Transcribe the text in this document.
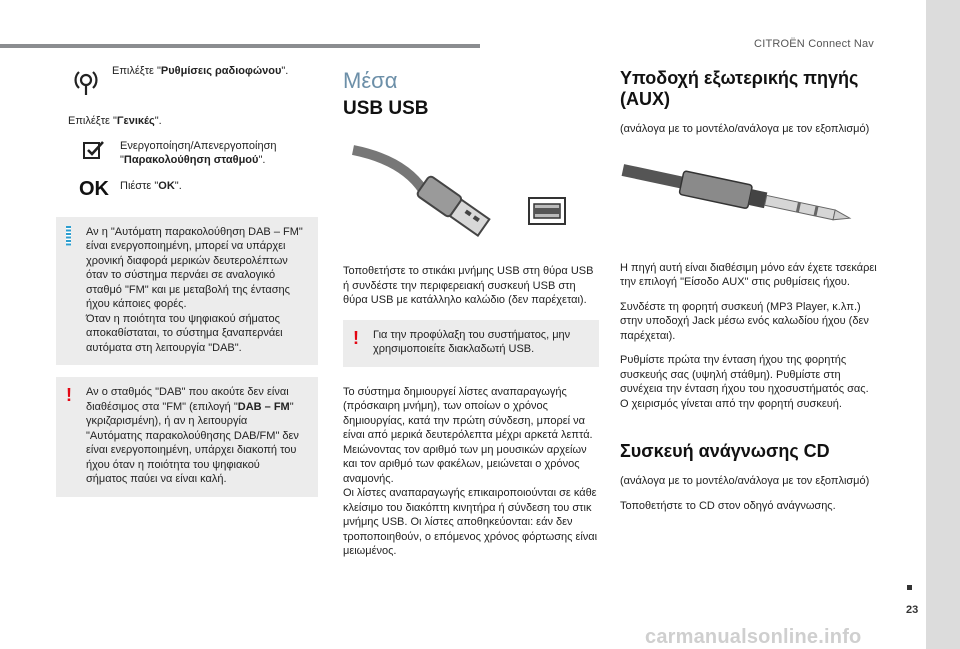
CITROËN Connect Nav
Επιλέξτε "Ρυθμίσεις ραδιοφώνου".

Επιλέξτε "Γενικές".

Ενεργοποίηση/Απενεργοποίηση
"Παρακολούθηση σταθμού".
OK Πιέστε "OK".
Αν η "Αυτόματη παρακολούθηση DAB – FM" είναι ενεργοποιημένη, μπορεί να υπάρχει χρονική διαφορά μερικών δευτερολέπτων όταν το σύστημα περνάει σε αναλογικό σταθμό "FM" και με μεταβολή της έντασης ήχου κάποιες φορές.
Όταν η ποιότητα του ψηφιακού σήματος αποκαθίσταται, το σύστημα ξαναπερνάει αυτόματα στη λειτουργία "DAB".
! Αν ο σταθμός "DAB" που ακούτε δεν είναι διαθέσιμος στα "FM" (επιλογή "DAB – FM" γκριζαρισμένη), ή αν η λειτουργία "Αυτόματης παρακολούθησης DAB/FM" δεν είναι ενεργοποιημένη, υπάρχει διακοπή του ήχου όταν η ποιότητα του ψηφιακού σήματος παύει να είναι καλή.
Μέσα
USB USB

Τοποθετήστε το στικάκι μνήμης USB στη θύρα USB ή συνδέστε την περιφερειακή συσκευή USB στη θύρα USB με κατάλληλο καλώδιο (δεν παρέχεται).

! Για την προφύλαξη του συστήματος, μην χρησιμοποιείτε διακλαδωτή USB.

Το σύστημα δημιουργεί λίστες αναπαραγωγής (πρόσκαιρη μνήμη), των οποίων ο χρόνος δημιουργίας, κατά την πρώτη σύνδεση, μπορεί να είναι από μερικά δευτερόλεπτα μέχρι αρκετά λεπτά. Μειώνοντας τον αριθμό των μη μουσικών αρχείων και τον αριθμό των φακέλων, μειώνεται ο χρόνος αναμονής.

Οι λίστες αναπαραγωγής επικαιροποιούνται σε κάθε κλείσιμο του διακόπτη κινητήρα ή σύνδεση του στικ μνήμης USB. Οι λίστες αποθηκεύονται: εάν δεν τροποποιηθούν, ο επόμενος χρόνος φόρτωσης είναι μειωμένος.

Υποδοχή εξωτερικής πηγής (AUX)

(ανάλογα με το μοντέλο/ανάλογα με τον εξοπλισμό)

Η πηγή αυτή είναι διαθέσιμη μόνο εάν έχετε τσεκάρει την επιλογή "Είσοδο AUX" στις ρυθμίσεις ήχου.

Συνδέστε τη φορητή συσκευή (MP3 Player, κ.λπ.) στην υποδοχή Jack μέσω ενός καλωδίου ήχου (δεν παρέχεται).

Ρυθμίστε πρώτα την ένταση ήχου της φορητής συσκευής σας (υψηλή στάθμη). Ρυθμίστε στη συνέχεια την ένταση ήχου του ηχοσυστήματός σας. Ο χειρισμός γίνεται από την φορητή συσκευή.

Συσκευή ανάγνωσης CD

(ανάλογα με το μοντέλο/ανάλογα με τον εξοπλισμό)

Τοποθετήστε το CD στον οδηγό ανάγνωσης.

23
carmanualsonline.info
